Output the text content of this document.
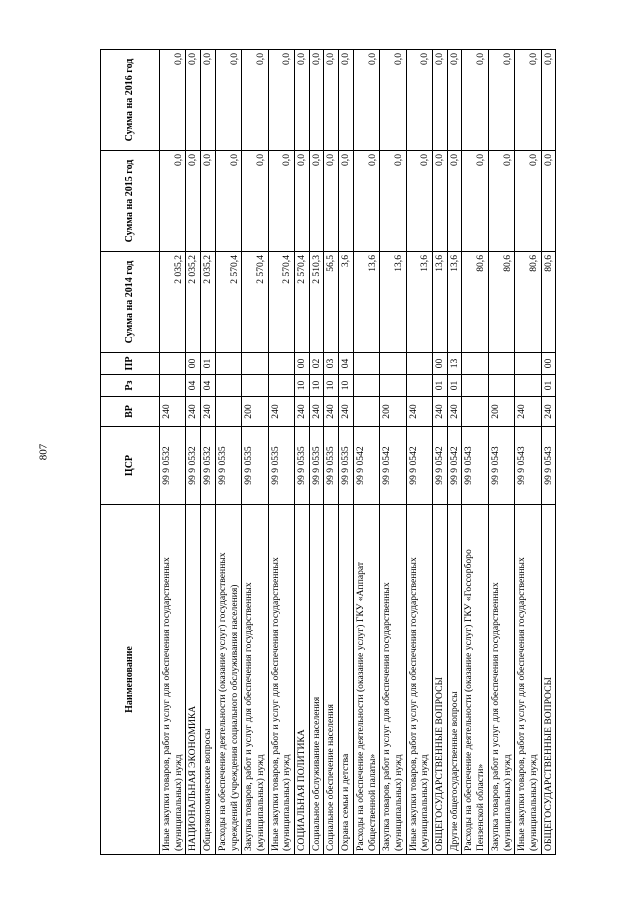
807
Наименование	ЦСР	ВР	Рз	ПР	Сумма на 2014 год	Сумма на 2015 год	Сумма на 2016 год
Иные закупки товаров, работ и услуг для обеспечения государственных (муниципальных) нужд	99 9 0532	240			2 035,2	0,0	0,0
НАЦИОНАЛЬНАЯ ЭКОНОМИКА	99 9 0532	240	04	00	2 035,2	0,0	0,0
Общеэкономические вопросы	99 9 0532	240	04	01	2 035,2	0,0	0,0
Расходы на обеспечение деятельности (оказание услуг) государственных учреждений (учреждения социального обслуживания населения)	99 9 0535				2 570,4	0,0	0,0
Закупка товаров, работ и услуг для обеспечения государственных (муниципальных) нужд	99 9 0535	200			2 570,4	0,0	0,0
Иные закупки товаров, работ и услуг для обеспечения государственных (муниципальных) нужд	99 9 0535	240			2 570,4	0,0	0,0
СОЦИАЛЬНАЯ ПОЛИТИКА	99 9 0535	240	10	00	2 570,4	0,0	0,0
Социальное обслуживание населения	99 9 0535	240	10	02	2 510,3	0,0	0,0
Социальное обеспечение населения	99 9 0535	240	10	03	56,5	0,0	0,0
Охрана семьи и детства	99 9 0535	240	10	04	3,6	0,0	0,0
Расходы на обеспечение деятельности (оказание услуг) ГКУ «Аппарат Общественной палаты»	99 9 0542				13,6	0,0	0,0
Закупка товаров, работ и услуг для обеспечения государственных (муниципальных) нужд	99 9 0542	200			13,6	0,0	0,0
Иные закупки товаров, работ и услуг для обеспечения государственных (муниципальных) нужд	99 9 0542	240			13,6	0,0	0,0
ОБЩЕГОСУДАРСТВЕННЫЕ ВОПРОСЫ	99 9 0542	240	01	00	13,6	0,0	0,0
Другие общегосударственные вопросы	99 9 0542	240	01	13	13,6	0,0	0,0
Расходы на обеспечение деятельности (оказание услуг) ГКУ «Госсорборо Пензенской области»	99 9 0543				80,6	0,0	0,0
Закупка товаров, работ и услуг для обеспечения государственных (муниципальных) нужд	99 9 0543	200			80,6	0,0	0,0
Иные закупки товаров, работ и услуг для обеспечения государственных (муниципальных) нужд	99 9 0543	240			80,6	0,0	0,0
ОБЩЕГОСУДАРСТВЕННЫЕ ВОПРОСЫ	99 9 0543	240	01	00	80,6	0,0	0,0
